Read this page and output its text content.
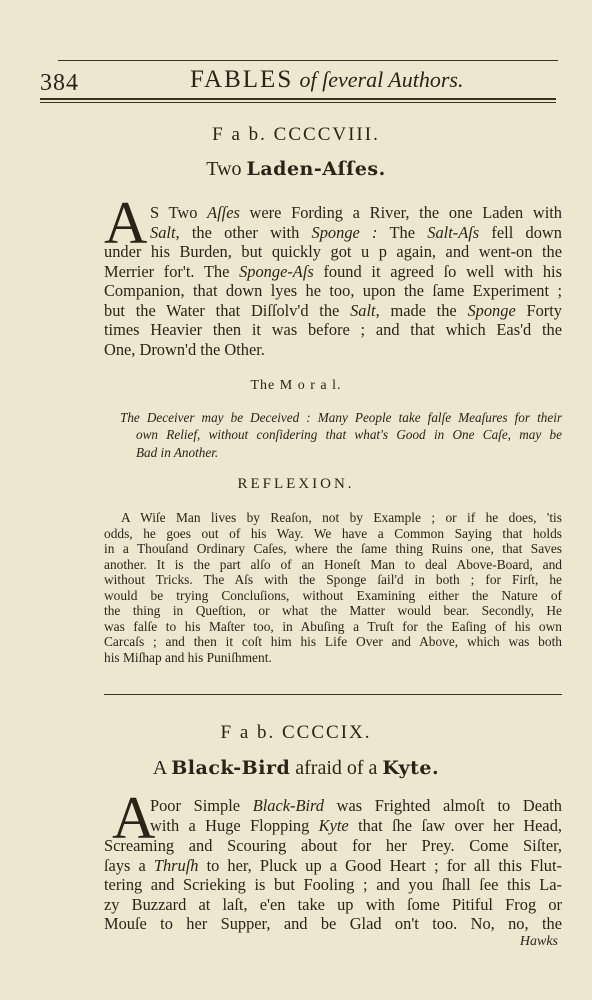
384	FABLES of ſeveral Authors.
F a b. CCCCVIII.
Two Laden-Aſſes.
A S Two Aſſes were Fording a River, the one Laden with
Salt, the other with Sponge : The Salt-Aſs fell down
under his Burden, but quickly got u p again, and went-on the
Merrier for't. The Sponge-Aſs found it agreed ſo well with his
Companion, that down lyes he too, upon the ſame Experiment ;
but the Water that Diſſolv'd the Salt, made the Sponge Forty
times Heavier then it was before ; and that which Eas'd the
One, Drown'd the Other.
The M o r a l.
The Deceiver may be Deceived : Many People take falſe Meaſures for their
own Relief, without conſidering that what's Good in One Caſe, may be
Bad in Another.
REFLEXION.
A Wiſe Man lives by Reaſon, not by Example ; or if he does, 'tis
odds, he goes out of his Way. We have a Common Saying that holds
in a Thouſand Ordinary Caſes, where the ſame thing Ruins one, that Saves
another. It is the part alſo of an Honeſt Man to deal Above-Board, and
without Tricks. The Aſs with the Sponge ſail'd in both ; for Firſt, he
would be trying Concluſions, without Examining either the Nature of
the thing in Queſtion, or what the Matter would bear. Secondly, He
was falſe to his Maſter too, in Abuſing a Truſt for the Eaſing of his own
Carcaſs ; and then it coſt him his Life Over and Above, which was both
his Miſhap and his Puniſhment.
F a b. CCCCIX.
A Black-Bird afraid of a Kyte.
A
Poor Simple Black-Bird was Frighted almoſt to Death
with a Huge Flopping Kyte that ſhe ſaw over her Head,
Screaming and Scouring about for her Prey. Come Siſter,
ſays a Thruſh to her, Pluck up a Good Heart ; for all this Flut-
tering and Scrieking is but Fooling ; and you ſhall ſee this La-
zy Buzzard at laſt, e'en take up with ſome Pitiful Frog or
Mouſe to her Supper, and be Glad on't too. No, no, the
Hawks
